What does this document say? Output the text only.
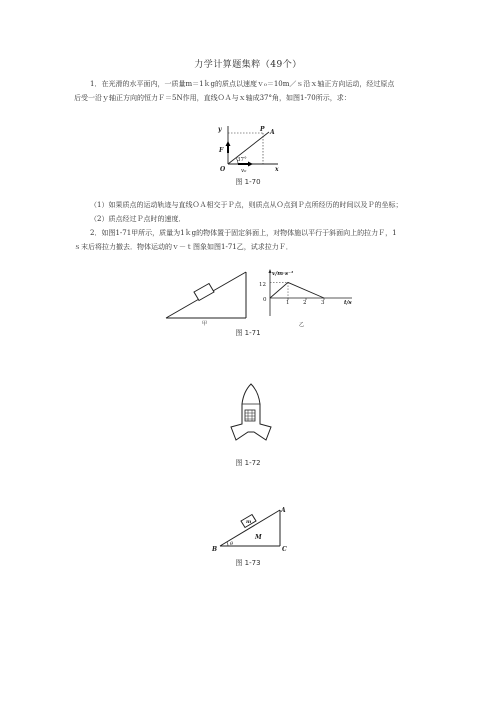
力学计算题集粹（49个）
1．在光滑的水平面内，一质量m＝1ｋg的质点以速度ｖ₀＝10m／ｓ沿ｘ轴正方向运动，经过原点
后受一沿ｙ轴正方向的恒力Ｆ＝5N作用，直线ＯＡ与ｘ轴成37°角，如图1-70所示，求：
y	P A
F
O	x
37°
v₀
图 1-70
（1）如果质点的运动轨迹与直线ＯＡ相交于Ｐ点，则质点从Ｏ点到Ｐ点所经历的时间以及Ｐ的坐标；
（2）质点经过Ｐ点时的速度．
2．如图1-71甲所示，质量为1ｋg的物体置于固定斜面上，对物体施以平行于斜面向上的拉力Ｆ，1
ｓ末后将拉力撤去．物体运动的ｖ－ｔ图象如图1-71乙，试求拉力Ｆ．
甲
v/m·s⁻¹
t/s
12
0	1 2	3
乙
图 1-71
图 1-72
B	C
A
m
M
θ
图 1-73
